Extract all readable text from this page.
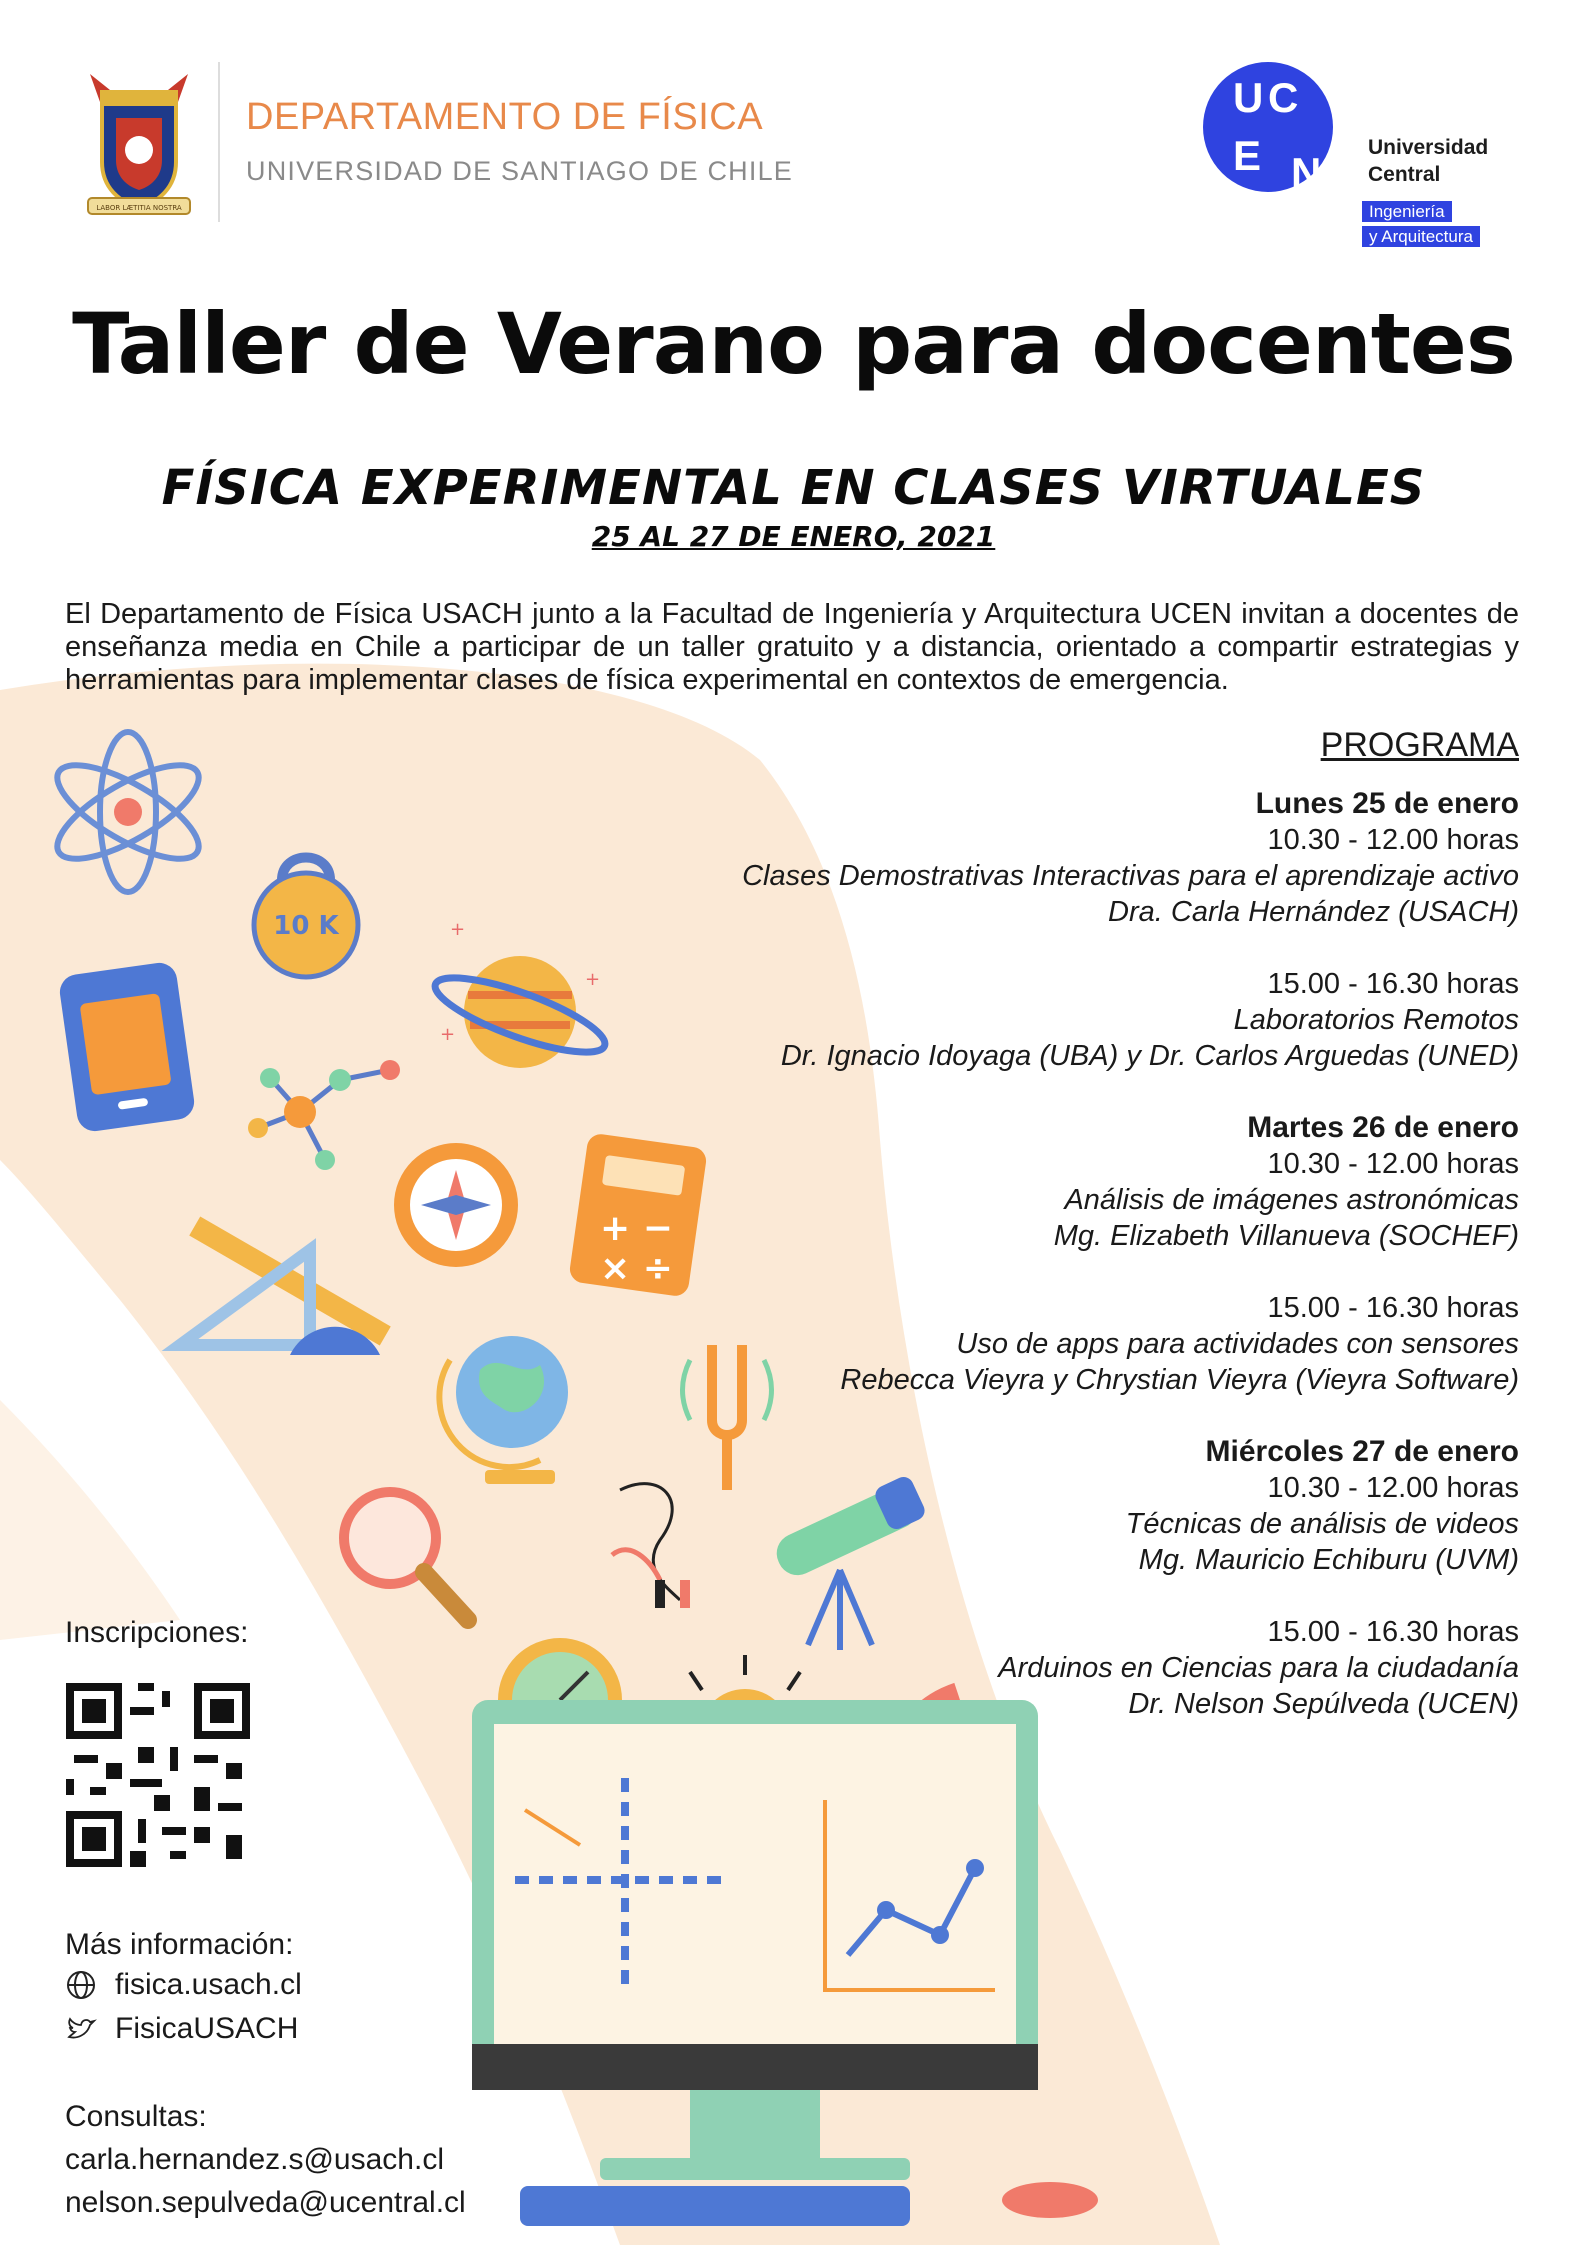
LABOR LÆTITIA NOSTRA
DEPARTAMENTO DE FÍSICA
UNIVERSIDAD DE SANTIAGO DE CHILE
U C
E N
Universidad
Central
Ingeniería
y Arquitectura
Taller de Verano para docentes
FÍSICA EXPERIMENTAL EN CLASES VIRTUALES
25 AL 27 DE ENERO, 2021
El Departamento de Física USACH junto a la Facultad de Ingeniería y Arquitectura UCEN invitan a docentes de enseñanza media en Chile a participar de un taller gratuito y a distancia, orientado a compartir estrategias y herramientas para implementar clases de física experimental en contextos de emergencia.
PROGRAMA
Lunes 25 de enero
10.30 - 12.00 horas
Clases Demostrativas Interactivas para el aprendizaje activo
Dra. Carla Hernández (USACH)
15.00 - 16.30 horas
Laboratorios Remotos
Dr. Ignacio Idoyaga (UBA) y Dr. Carlos Arguedas (UNED)
Martes 26 de enero
10.30 - 12.00 horas
Análisis de imágenes astronómicas
Mg. Elizabeth Villanueva (SOCHEF)
15.00 - 16.30 horas
Uso de apps para actividades con sensores
Rebecca Vieyra y Chrystian Vieyra (Vieyra Software)
Miércoles 27 de enero
10.30 - 12.00 horas
Técnicas de análisis de videos
Mg. Mauricio Echiburu (UVM)
15.00 - 16.30 horas
Arduinos en Ciencias para la ciudadanía
Dr. Nelson Sepúlveda (UCEN)
10 K	+
+
+
+ −
× ÷
Inscripciones:
Más información:
fisica.usach.cl
FisicaUSACH
Consultas:
carla.hernandez.s@usach.cl
nelson.sepulveda@ucentral.cl
